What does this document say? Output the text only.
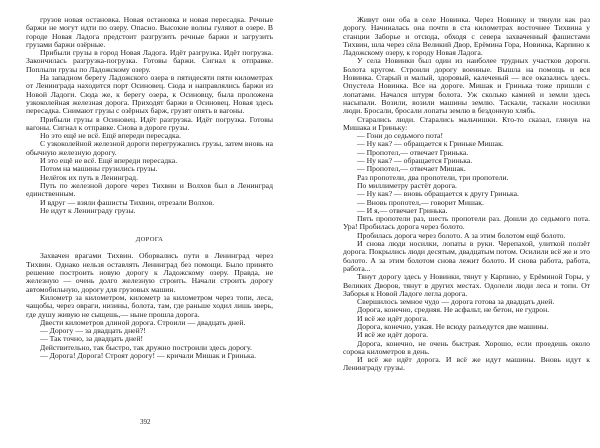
грузов новая остановка. Новая остановка и новая пересадка. Речные баржи не могут идти по озеру. Опасно. Высокие волны гуляют в озере. В городе Новая Ладога предстоит разгрузить речные баржи и загрузить грузами баржи озёрные.

Прибыли грузы в город Новая Ладога. Идёт разгрузка. Идёт погрузка. Закончилась разгрузка-погрузка. Готовы баржи. Сигнал к отправке. Поплыли грузы по Ладожскому озеру.

На западном берегу Ладожского озера в пятидесяти пяти километрах от Ленинграда находится порт Осиновец. Сюда и направлялись баржи из Новой Ладоги. Сюда же, к берегу озера, к Осиновцу, была проложена узкоколейная железная дорога. Приходят баржи в Осиновец. Новая здесь пересадка. Снимают грузы с озёрных барж, грузят опять в вагоны.

Прибыли грузы в Осиновец. Идёт разгрузка. Идёт погрузка. Готовы вагоны. Сигнал к отправке. Снова в дороге грузы.

Но это ещё не всё. Ещё впереди пересадка.

С узкоколейной железной дороги перегружались грузы, затем вновь на обычную железную дорогу.

И это ещё не всё. Ещё впереди пересадка.

Потом на машины грузились грузы.

Нелёгок их путь в Ленинград.

Путь по железной дороге через Тихвин и Волхов был в Ленинград единственным.

И вдруг — взяли фашисты Тихвин, отрезали Волхов.

Не идут к Ленинграду грузы.

ДОРОГА

Захвачен врагами Тихвин. Оборвались пути в Ленинград через Тихвин. Однако нельзя оставлять Ленинград без помощи. Было принято решение построить новую дорогу к Ладожскому озеру. Правда, не железную — очень долго железную строить. Начали строить дорогу автомобильную, дорогу для грузовых машин.

Километр за километром, километр за километром через топи, леса, чащобы, через овраги, низины, болота, там, где раньше ходил лишь зверь, где душу живую не сыщешь,— ныне прошла дорога.

Двести километров длиной дорога. Строили — двадцать дней.

— Дорогу — за двадцать дней?!

— Так точно, за двадцать дней!

Действительно, так быстро, так дружно построили здесь дорогу.

— Дорога! Дорога! Строят дорогу! — кричали Мишак и Гринька.

Живут они оба в селе Новинка. Через Новинку и тянули как раз дорогу. Начиналась она почти в ста километрах восточнее Тихвина у станции Заборье и отсюда, обходя с севера захваченный фашистами Тихвин, шла через сёла Великий Двор, Ерёмина Гора, Новинка, Карпино к Ладожскому озеру, к городу Новая Ладога.

У села Новинки был один из наиболее трудных участков дороги. Болота кругом. Строили дорогу военные. Вышла на помощь и вся Новинка. Старый и малый, здоровый, калеченый — все оказались здесь. Опустела Новинка. Все на дороге. Мишак и Гринька тоже пришли с лопатами. Начался штурм болота. Уж сколько камней и земли здесь насыпали. Возили, возили машины землю. Таскали, таскали носилки люди. Бросали, бросали лопаты землю в бездонную хлябь.

Старались люди. Старались мальчишки. Кто-то сказал, глянув на Мишака и Гриньку:

— Гони до седьмого пота!

— Ну как? — обращается к Гриньке Мишак.

— Пропотел,— отвечает Гринька.

— Ну как? — обращается Гринька.

— Пропотел,— отвечает Мишак.

Раз пропотели, два пропотели, три пропотели.

По миллиметру растёт дорога.

— Ну как? — вновь обращается к другу Гринька.

— Вновь пропотел,— говорит Мишак.

— И я,— отвечает Гринька.

Пять пропотели раз, шесть пропотели раз. Дошли до седьмого пота. Ура! Пробилась дорога через болото.

Пробилась дорога через болото. А за этим болотом ещё болото.

И снова люди носилки, лопаты в руки. Черепахой, улиткой ползёт дорога. Покрылись люди десятым, двадцатым потом. Осилили всё же и это болото. А за этим болотом снова лежит болото. И снова работа, работа, работа...

Тянут дорогу здесь у Новинки, тянут у Карпино, у Ерёминой Горы, у Великих Дворов, тянут в других местах. Одолели люди леса и топи. От Заборья к Новой Ладоге легла дорога.

Свершилось земное чудо — дорога готова за двадцать дней.

Дорога, конечно, средняя. Не асфальт, не бетон, не гудрон.

И всё же идёт дорога.

Дорога, конечно, узкая. Не всюду разъедутся две машины.

И всё же идёт дорога.

Дорога, конечно, не очень быстрая. Хорошо, если проедешь около сорока километров в день.

И всё же идёт дорога. И всё же идут машины. Вновь идут к Ленинграду грузы.

392
